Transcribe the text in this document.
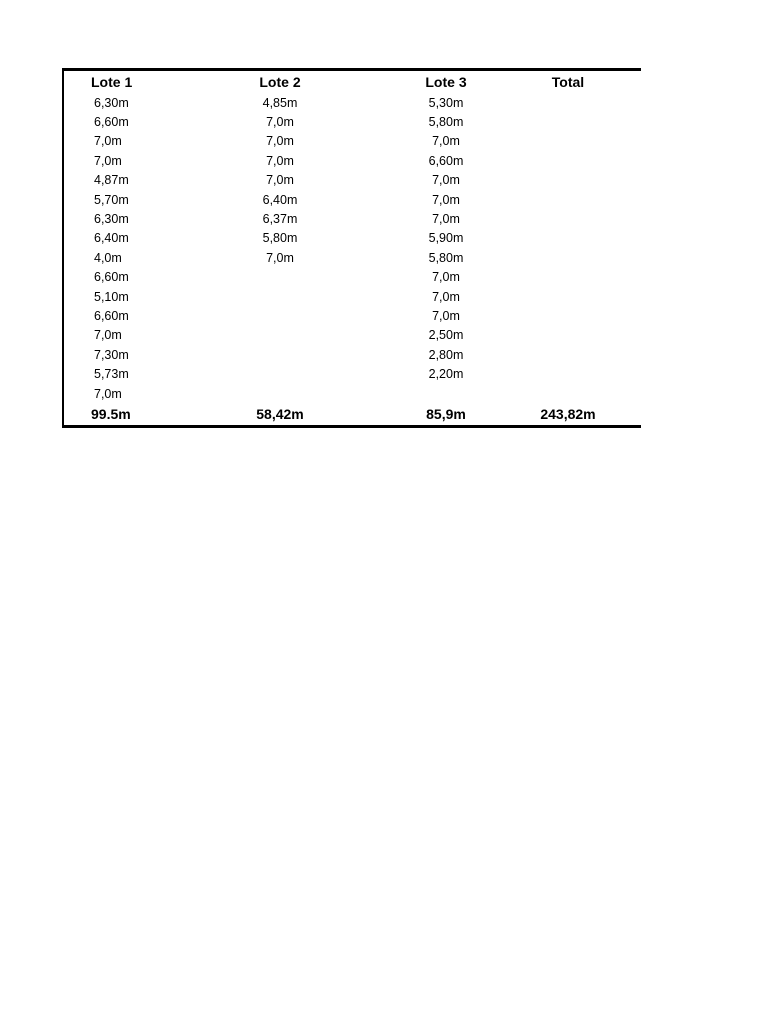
Lote 1	Lote 2	Lote 3	Total
6,30m	4,85m	5,30m	
6,60m	7,0m	5,80m	
7,0m	7,0m	7,0m	
7,0m	7,0m	6,60m	
4,87m	7,0m	7,0m	
5,70m	6,40m	7,0m	
6,30m	6,37m	7,0m	
6,40m	5,80m	5,90m	
4,0m	7,0m	5,80m	
6,60m		7,0m	
5,10m		7,0m	
6,60m		7,0m	
7,0m		2,50m	
7,30m		2,80m	
5,73m		2,20m	
7,0m			
99.5m	58,42m	85,9m	243,82m
